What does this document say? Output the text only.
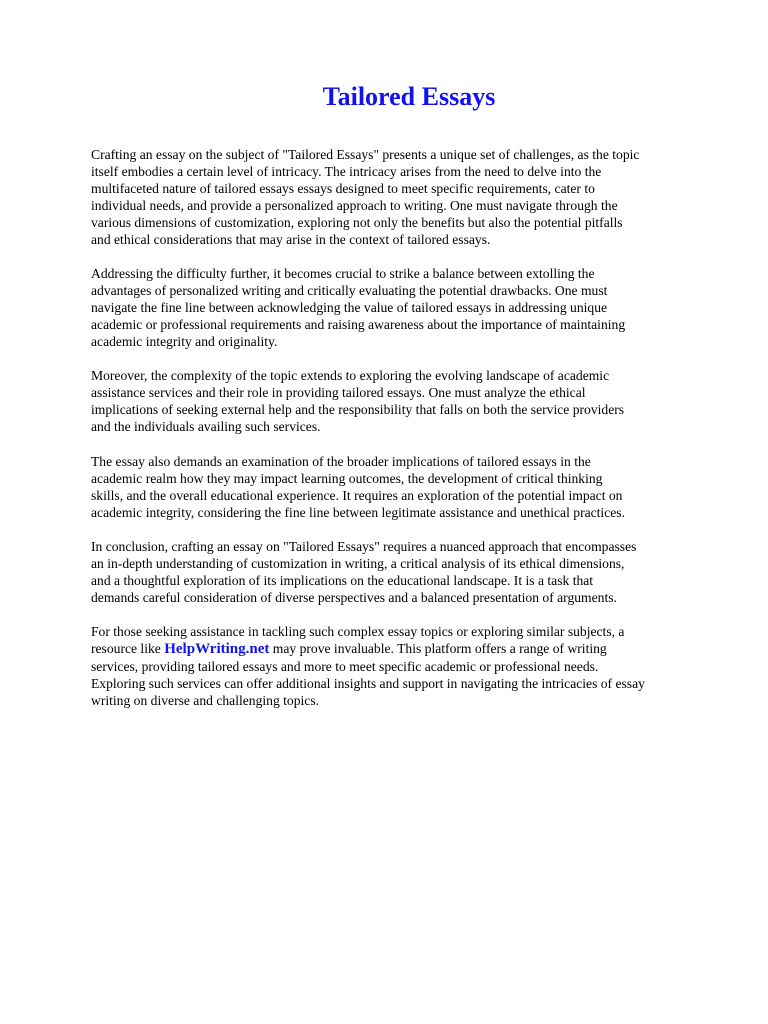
Tailored Essays

Crafting an essay on the subject of "Tailored Essays" presents a unique set of challenges, as the topic
itself embodies a certain level of intricacy. The intricacy arises from the need to delve into the
multifaceted nature of tailored essays essays designed to meet specific requirements, cater to
individual needs, and provide a personalized approach to writing. One must navigate through the
various dimensions of customization, exploring not only the benefits but also the potential pitfalls
and ethical considerations that may arise in the context of tailored essays.

Addressing the difficulty further, it becomes crucial to strike a balance between extolling the
advantages of personalized writing and critically evaluating the potential drawbacks. One must
navigate the fine line between acknowledging the value of tailored essays in addressing unique
academic or professional requirements and raising awareness about the importance of maintaining
academic integrity and originality.

Moreover, the complexity of the topic extends to exploring the evolving landscape of academic
assistance services and their role in providing tailored essays. One must analyze the ethical
implications of seeking external help and the responsibility that falls on both the service providers
and the individuals availing such services.

The essay also demands an examination of the broader implications of tailored essays in the
academic realm how they may impact learning outcomes, the development of critical thinking
skills, and the overall educational experience. It requires an exploration of the potential impact on
academic integrity, considering the fine line between legitimate assistance and unethical practices.

In conclusion, crafting an essay on "Tailored Essays" requires a nuanced approach that encompasses
an in-depth understanding of customization in writing, a critical analysis of its ethical dimensions,
and a thoughtful exploration of its implications on the educational landscape. It is a task that
demands careful consideration of diverse perspectives and a balanced presentation of arguments.

For those seeking assistance in tackling such complex essay topics or exploring similar subjects, a
resource like HelpWriting.net may prove invaluable. This platform offers a range of writing
services, providing tailored essays and more to meet specific academic or professional needs.
Exploring such services can offer additional insights and support in navigating the intricacies of essay
writing on diverse and challenging topics.
